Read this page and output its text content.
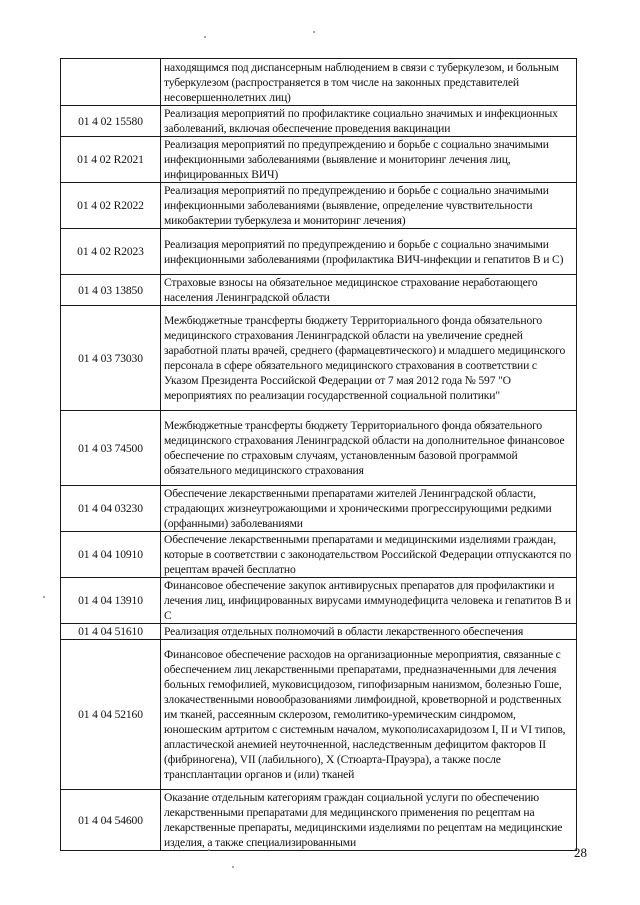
	находящимся под диспансерным наблюдением в связи с туберкулезом, и больным туберкулезом (распространяется в том числе на законных представителей несовершеннолетних лиц)
01 4 02 15580	Реализация мероприятий по профилактике социально значимых и инфекционных заболеваний, включая обеспечение проведения вакцинации
01 4 02 R2021	Реализация мероприятий по предупреждению и борьбе с социально значимыми инфекционными заболеваниями (выявление и мониторинг лечения лиц, инфицированных ВИЧ)
01 4 02 R2022	Реализация мероприятий по предупреждению и борьбе с социально значимыми инфекционными заболеваниями (выявление, определение чувствительности микобактерии туберкулеза и мониторинг лечения)
01 4 02 R2023	Реализация мероприятий по предупреждению и борьбе с социально значимыми инфекционными заболеваниями (профилактика ВИЧ-инфекции и гепатитов В и С)
01 4 03 13850	Страховые взносы на обязательное медицинское страхование неработающего населения Ленинградской области
01 4 03 73030	Межбюджетные трансферты бюджету Территориального фонда обязательного медицинского страхования Ленинградской области на увеличение средней заработной платы врачей, среднего (фармацевтического) и младшего медицинского персонала в сфере обязательного медицинского страхования в соответствии с Указом Президента Российской Федерации от 7 мая 2012 года № 597 "О мероприятиях по реализации государственной социальной политики"
01 4 03 74500	Межбюджетные трансферты бюджету Территориального фонда обязательного медицинского страхования Ленинградской области на дополнительное финансовое обеспечение по страховым случаям, установленным базовой программой обязательного медицинского страхования
01 4 04 03230	Обеспечение лекарственными препаратами жителей Ленинградской области, страдающих жизнеугрожающими и хроническими прогрессирующими редкими (орфанными) заболеваниями
01 4 04 10910	Обеспечение лекарственными препаратами и медицинскими изделиями граждан, которые в соответствии с законодательством Российской Федерации отпускаются по рецептам врачей бесплатно
01 4 04 13910	Финансовое обеспечение закупок антивирусных препаратов для профилактики и лечения лиц, инфицированных вирусами иммунодефицита человека и гепатитов В и С
01 4 04 51610	Реализация отдельных полномочий в области лекарственного обеспечения
01 4 04 52160	Финансовое обеспечение расходов на организационные мероприятия, связанные с обеспечением лиц лекарственными препаратами, предназначенными для лечения больных гемофилией, муковисцидозом, гипофизарным нанизмом, болезнью Гоше, злокачественными новообразованиями лимфоидной, кроветворной и родственных им тканей, рассеянным склерозом, гемолитико-уремическим синдромом, юношеским артритом с системным началом, мукополисахаридозом I, II и VI типов, апластической анемией неуточненной, наследственным дефицитом факторов II (фибриногена), VII (лабильного), X (Стюарта-Прауэра), а также после трансплантации органов и (или) тканей
01 4 04 54600	Оказание отдельным категориям граждан социальной услуги по обеспечению лекарственными препаратами для медицинского применения по рецептам на лекарственные препараты, медицинскими изделиями по рецептам на медицинские изделия, а также специализированными
28
